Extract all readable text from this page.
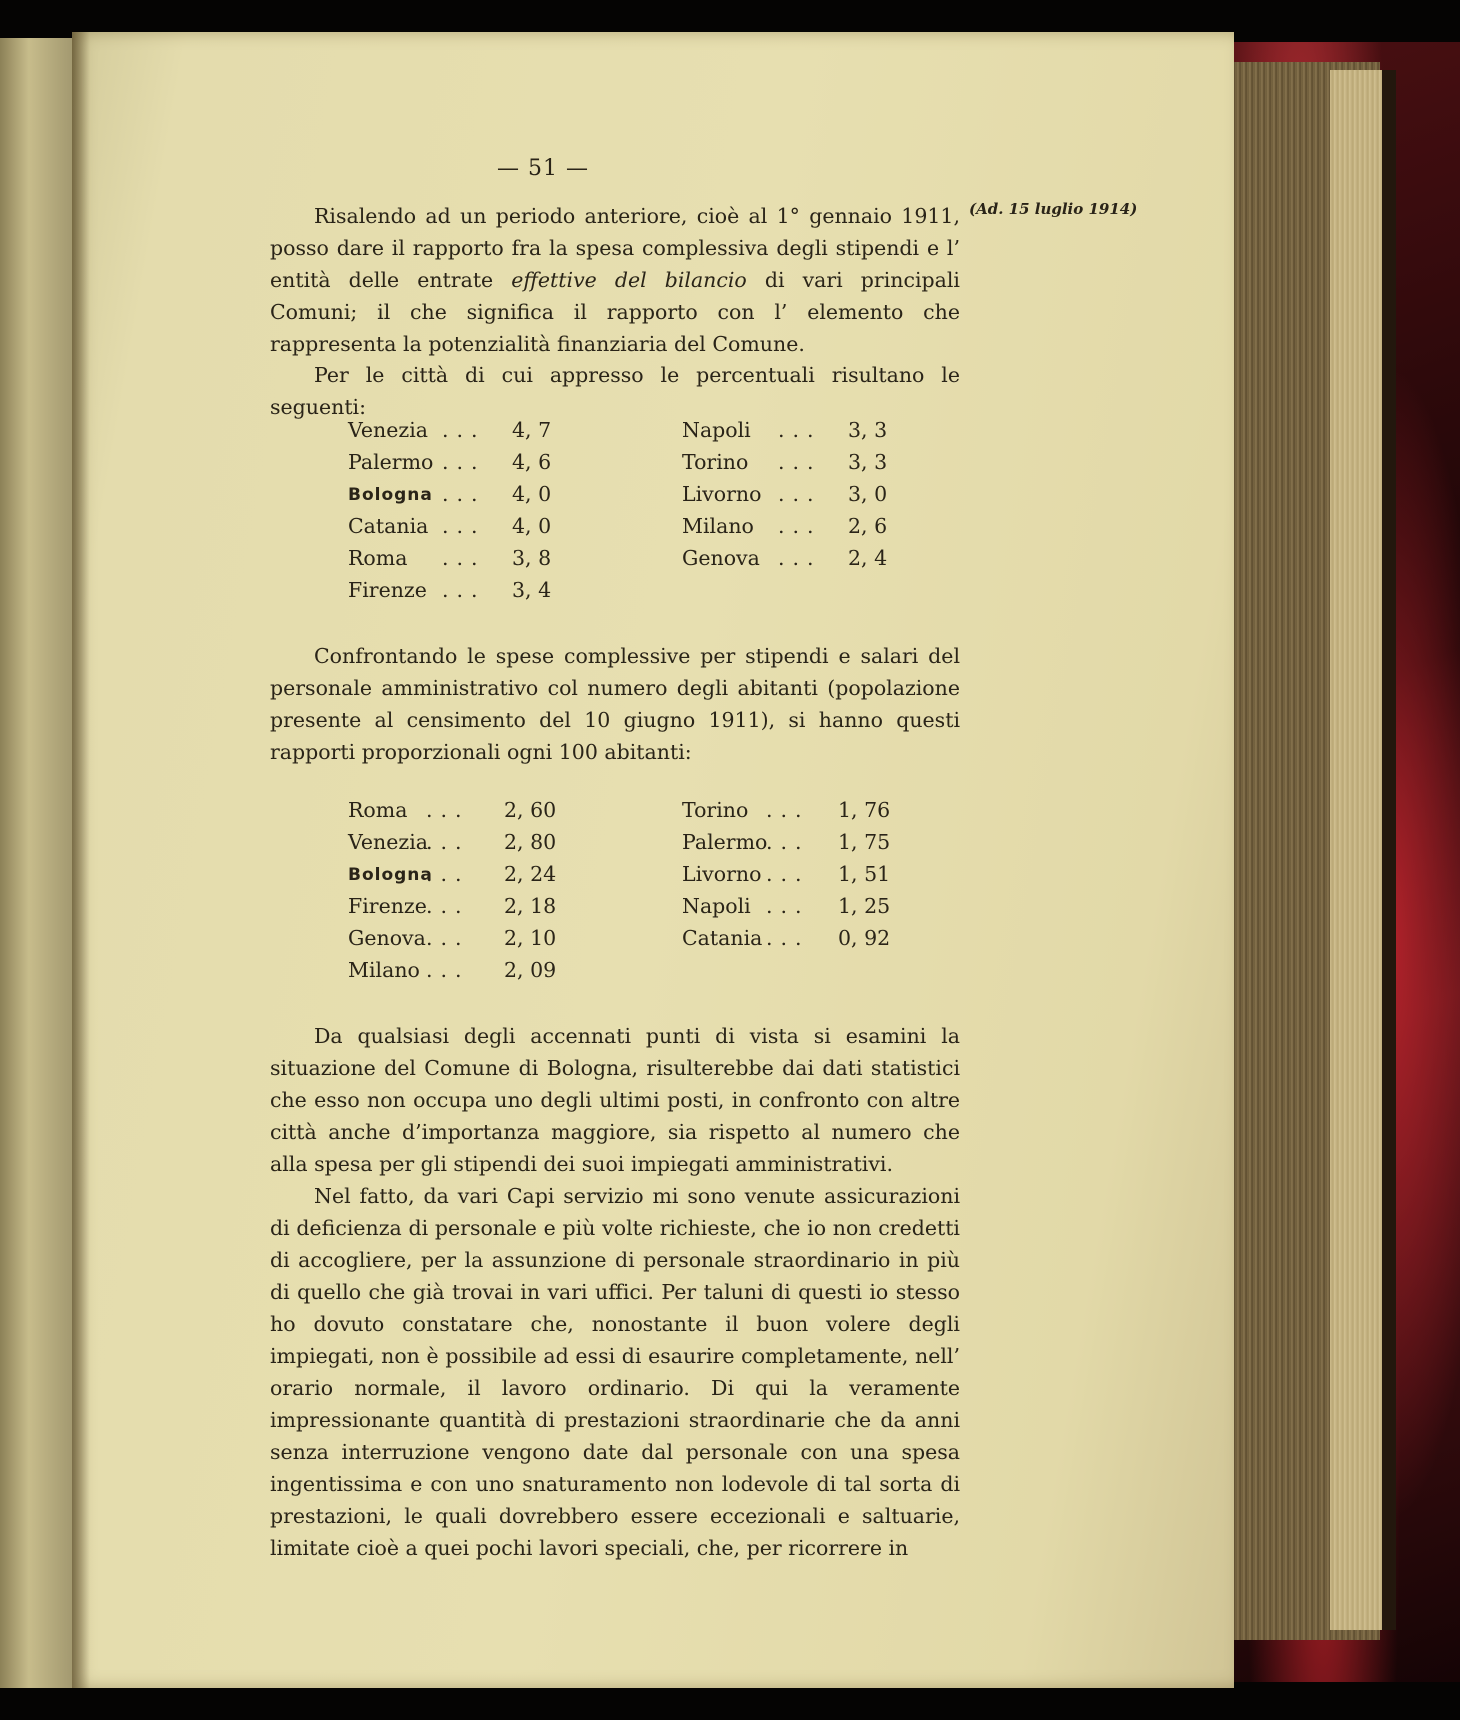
— 51 —
(Ad. 15 luglio 1914)

Risalendo ad un periodo anteriore, cioè al 1° gennaio 1911, posso dare il rapporto fra la spesa complessiva degli stipendi e l’ entità delle entrate effettive del bilancio di vari principali Comuni; il che significa il rapporto con l’ elemento che rappresenta la potenzialità finanziaria del Comune.

Per le città di cui appresso le percentuali risultano le seguenti:

Venezia ... 4, 7
Palermo ... 4, 6
Bologna ... 4, 0
Catania ... 4, 0
Roma ... 3, 8
Firenze ... 3, 4
Napoli ... 3, 3
Torino ... 3, 3
Livorno ... 3, 0
Milano ... 2, 6
Genova ... 2, 4

Confrontando le spese complessive per stipendi e salari del personale amministrativo col numero degli abitanti (popolazione presente al censimento del 10 giugno 1911), si hanno questi rapporti proporzionali ogni 100 abitanti:

Roma ... 2, 60
Venezia
... 2, 80
Bologna
... 2, 24
Firenze ... 2, 18
Genova ... 2, 10
Milano ... 2, 09
Torino ... 1, 76
Palermo
... 1, 75
Livorno ... 1, 51
Napoli ... 1, 25
Catania ... 0, 92

Da qualsiasi degli accennati punti di vista si esamini la situazione del Comune di Bologna, risulterebbe dai dati statistici che esso non occupa uno degli ultimi posti, in confronto con altre città anche d’importanza maggiore, sia rispetto al numero che alla spesa per gli stipendi dei suoi impiegati amministrativi.

Nel fatto, da vari Capi servizio mi sono venute assicurazioni di deficienza di personale e più volte richieste, che io non credetti di accogliere, per la assunzione di personale straordinario in più di quello che già trovai in vari uffici. Per taluni di questi io stesso ho dovuto constatare che, nonostante il buon volere degli impiegati, non è possibile ad essi di esaurire completamente, nell’ orario normale, il lavoro ordinario. Di qui la veramente impressionante quantità di prestazioni straordinarie che da anni senza interruzione vengono date dal personale con una spesa ingentissima e con uno snaturamento non lodevole di tal sorta di prestazioni, le quali dovrebbero essere eccezionali e saltuarie, limitate cioè a quei pochi lavori speciali, che, per ricorrere in
